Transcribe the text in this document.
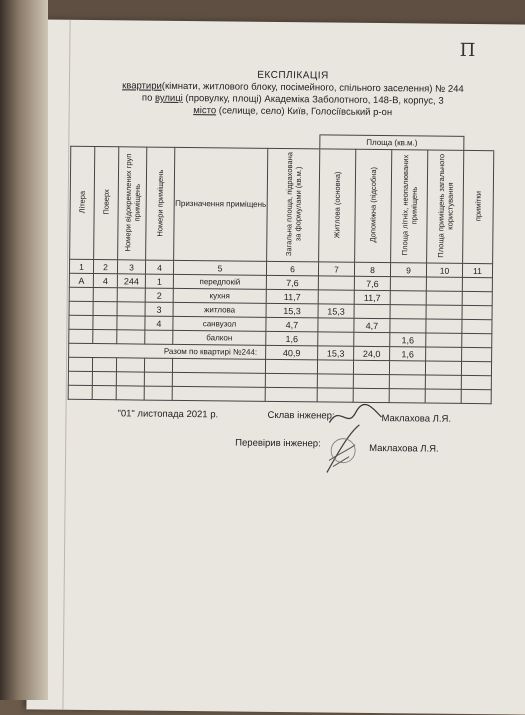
Π
ЕКСПЛІКАЦІЯ
квартири(кімнати, житлового блоку, посімейного, спільного заселення) № 244
по вулиці (провулку, площі) Академіка Заболотного, 148-В, корпус, 3
місто (селище, село) Київ, Голосіївський р-он
						Площа (кв.м.)				
Літера	Поверх	Номери відокремлених груп приміщень	Номери приміщень	Призначення приміщень	Загальна площа, підрахована за формулами (кв.м.)	Житлова (основна)	Допоміжна (підсобна)	Площа літніх, неопалюваних приміщень	Площа приміщень загального користування	примітки
1	2	3	4	5	6	7	8	9	10	11
А	4	244	1	передпокій	7,6		7,6			
			2	кухня	11,7		11,7			
			3	житлова	15,3	15,3				
			4	санвузол	4,7		4,7			
				балкон	1,6			1,6		
Разом по квартирі №244:					40,9	15,3	24,0	1,6		

"01" листопада 2021 р.	Склав інженер:	Маклахова Л.Я.
Перевірив інженер:	Маклахова Л.Я.
